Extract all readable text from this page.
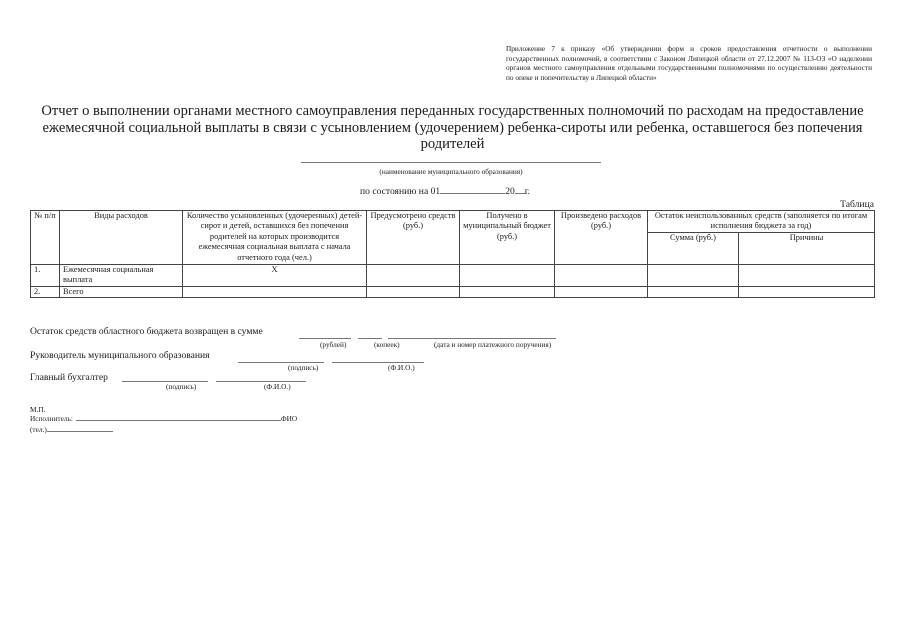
Приложение 7 к приказу «Об утверждении форм и сроков предоставления отчетности о выполнении государственных полномочий, в соответствии с Законом Липецкой области от 27.12.2007 № 113-ОЗ «О наделении органов местного самоуправления отдельными государственными полномочиями по осуществлению деятельности по опеке и попечительству в Липецкой области»
Отчет о выполнении органами местного самоуправления переданных государственных полномочий по расходам на предоставление ежемесячной социальной выплаты в связи с усыновлением (удочерением) ребенка-сироты или ребенка, оставшегося без попечения родителей
(наименование муниципального образования)
по состоянию на 01	20 г.
Таблица
№ п/п	Виды расходов	Количество усыновленных (удочеренных) детей-сирот и детей, оставшихся без попечения родителей на которых производится ежемесячная социальная выплата с начала отчетного года (чел.)	Предусмотрено средств (руб.)	Получено в муниципальный бюджет (руб.)	Произведено расходов (руб.)	Остаток неиспользованных средств (заполняется по итогам исполнения бюджета за год)	
						Сумма (руб.)	Причины
1.	Ежемесячная социальная выплата	Х					
2.	Всего						
Остаток средств областного бюджета возвращен в сумме
(рублей)	(копеек)	(дата и номер платежного поручения)
Руководитель муниципального образования
(подпись)	(Ф.И.О.)
Главный бухгалтер
(подпись)	(Ф.И.О.)
М.П.
Исполнитель:	ФИО
(тел.)
